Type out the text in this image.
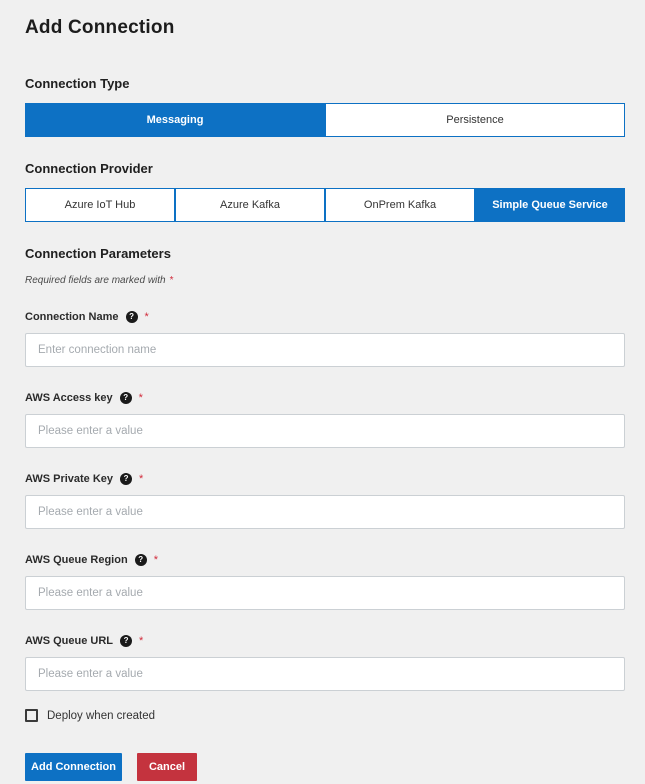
Add Connection
Connection Type
Messaging	Persistence
Connection Provider
Azure IoT Hub	Azure Kafka	OnPrem Kafka	Simple Queue Service
Connection Parameters
Required fields are marked with *
Connection Name ? *
Enter connection name
AWS Access key ? *
Please enter a value
AWS Private Key ? *
Please enter a value
AWS Queue Region ? *
Please enter a value
AWS Queue URL ? *
Please enter a value
Deploy when created
Add Connection	Cancel
